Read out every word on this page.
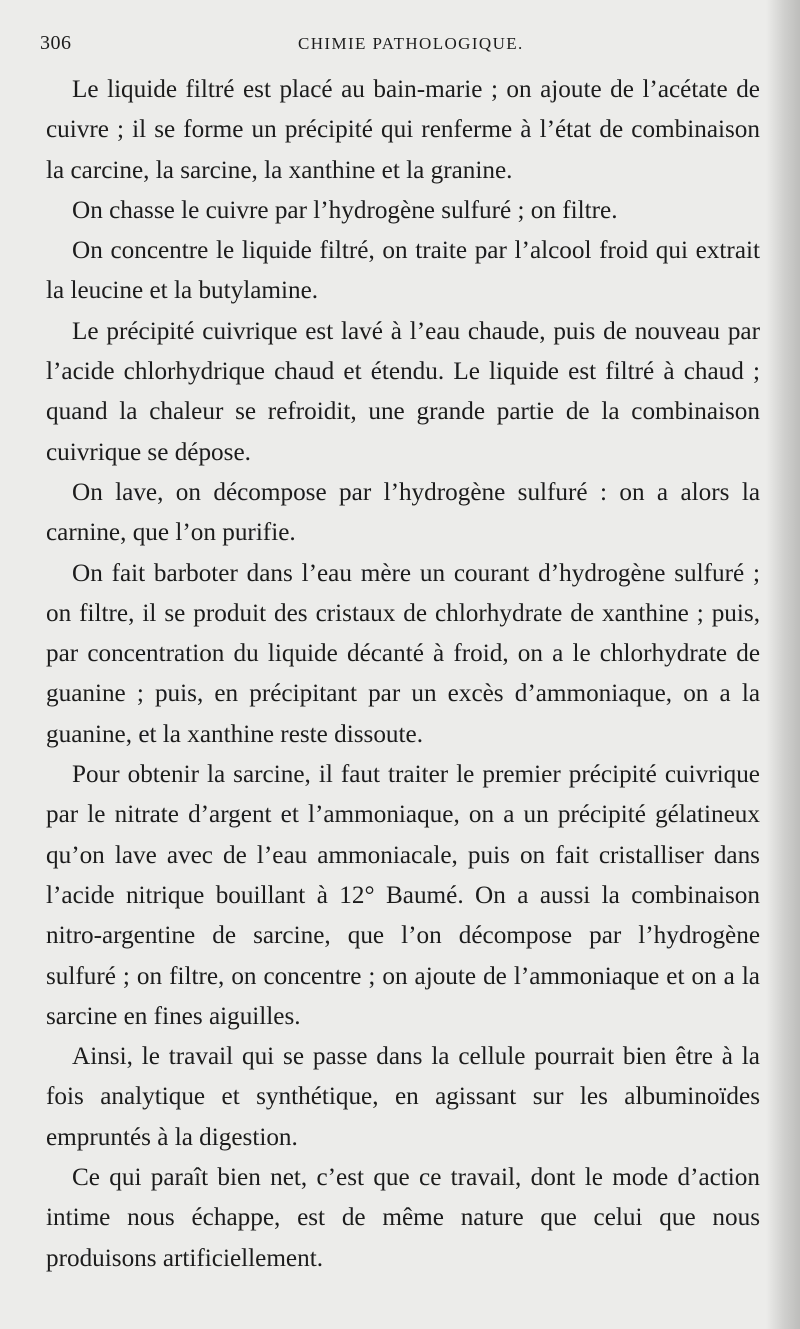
306	CHIMIE PATHOLOGIQUE.

Le liquide filtré est placé au bain-marie ; on ajoute de l’acétate de cuivre ; il se forme un précipité qui renferme à l’état de combinaison la carcine, la sarcine, la xanthine et la granine.

On chasse le cuivre par l’hydrogène sulfuré ; on filtre.

On concentre le liquide filtré, on traite par l’alcool froid qui extrait la leucine et la butylamine.

Le précipité cuivrique est lavé à l’eau chaude, puis de nouveau par l’acide chlorhydrique chaud et étendu. Le liquide est filtré à chaud ; quand la chaleur se refroidit, une grande partie de la combinaison cuivrique se dépose.

On lave, on décompose par l’hydrogène sulfuré : on a alors la carnine, que l’on purifie.

On fait barboter dans l’eau mère un courant d’hydrogène sulfuré ; on filtre, il se produit des cristaux de chlorhydrate de xanthine ; puis, par concentration du liquide décanté à froid, on a le chlorhydrate de guanine ; puis, en précipitant par un excès d’ammoniaque, on a la guanine, et la xanthine reste dissoute.

Pour obtenir la sarcine, il faut traiter le premier précipité cuivrique par le nitrate d’argent et l’ammoniaque, on a un précipité gélatineux qu’on lave avec de l’eau ammoniacale, puis on fait cristalliser dans l’acide nitrique bouillant à 12° Baumé. On a aussi la combinaison nitro-argentine de sarcine, que l’on décompose par l’hydrogène sulfuré ; on filtre, on concentre ; on ajoute de l’ammoniaque et on a la sarcine en fines aiguilles.

Ainsi, le travail qui se passe dans la cellule pourrait bien être à la fois analytique et synthétique, en agissant sur les albuminoïdes empruntés à la digestion.

Ce qui paraît bien net, c’est que ce travail, dont le mode d’action intime nous échappe, est de même nature que celui que nous produisons artificiellement.
